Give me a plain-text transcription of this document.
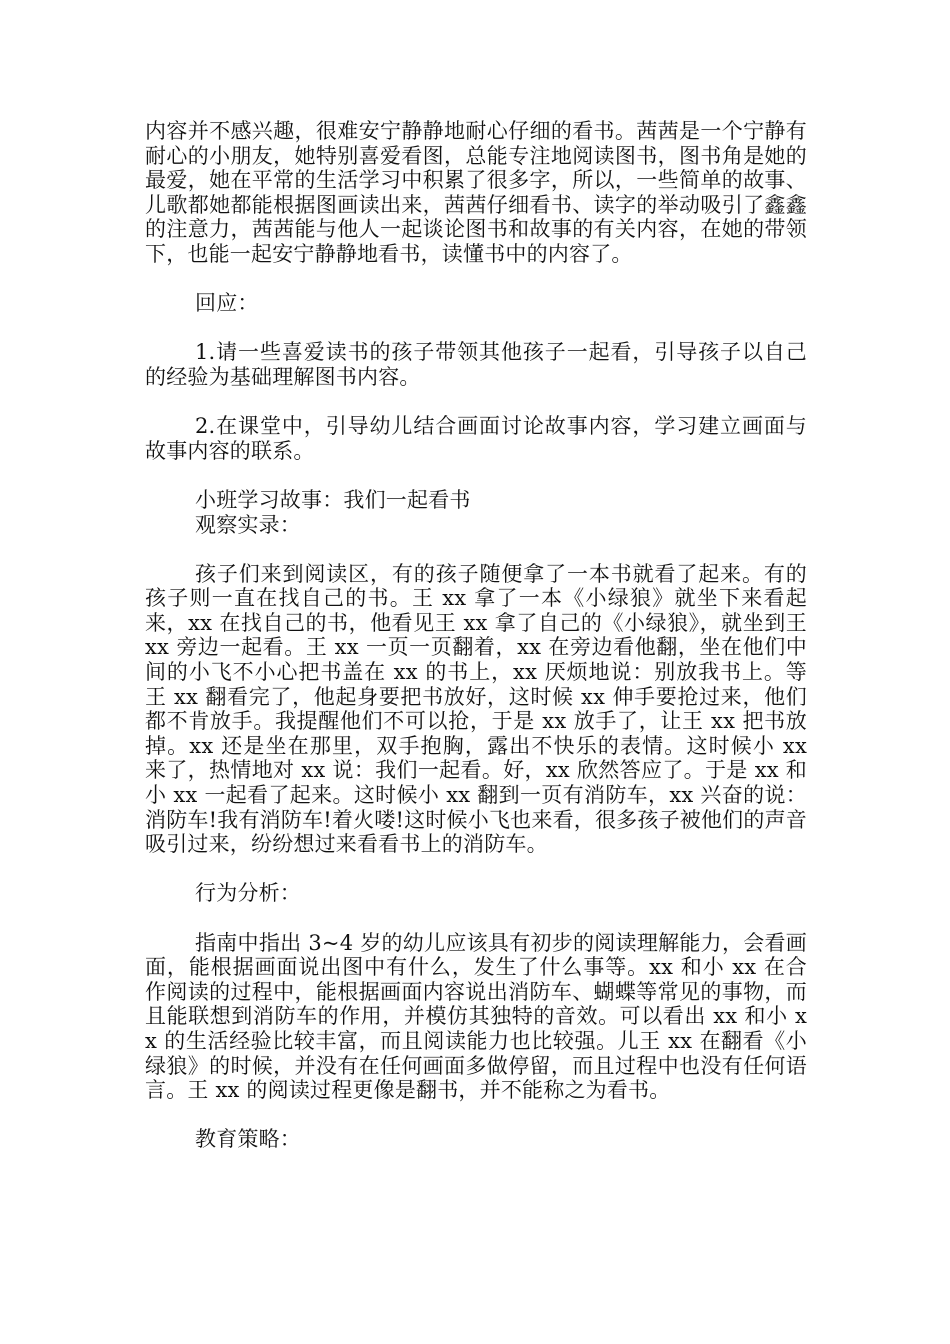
内容并不感兴趣，很难安宁静静地耐心仔细的看书。茜茜是一个宁静有耐心的小朋友，她特别喜爱看图，总能专注地阅读图书，图书角是她的最爱，她在平常的生活学习中积累了很多字，所以，一些简单的故事、儿歌都她都能根据图画读出来，茜茜仔细看书、读字的举动吸引了鑫鑫的注意力，茜茜能与他人一起谈论图书和故事的有关内容，在她的带领下，也能一起安宁静静地看书，读懂书中的内容了。

回应：

1.请一些喜爱读书的孩子带领其他孩子一起看，引导孩子以自己的经验为基础理解图书内容。

2.在课堂中，引导幼儿结合画面讨论故事内容，学习建立画面与故事内容的联系。

小班学习故事：我们一起看书

观察实录：

孩子们来到阅读区，有的孩子随便拿了一本书就看了起来。有的孩子则一直在找自己的书。王 xx 拿了一本《小绿狼》就坐下来看起来，xx 在找自己的书，他看见王 xx 拿了自己的《小绿狼》，就坐到王 xx 旁边一起看。王 xx 一页一页翻着，xx 在旁边看他翻，坐在他们中间的小飞不小心把书盖在 xx 的书上，xx 厌烦地说：别放我书上。等王 xx 翻看完了，他起身要把书放好，这时候 xx 伸手要抢过来，他们都不肯放手。我提醒他们不可以抢，于是 xx 放手了，让王 xx 把书放掉。xx 还是坐在那里，双手抱胸，露出不快乐的表情。这时候小 xx 来了，热情地对 xx 说：我们一起看。好，xx 欣然答应了。于是 xx 和小 xx 一起看了起来。这时候小 xx 翻到一页有消防车，xx 兴奋的说：消防车!我有消防车!着火喽!这时候小飞也来看，很多孩子被他们的声音吸引过来，纷纷想过来看看书上的消防车。

行为分析：

指南中指出 3~4 岁的幼儿应该具有初步的阅读理解能力，会看画面，能根据画面说出图中有什么，发生了什么事等。xx 和小 xx 在合作阅读的过程中，能根据画面内容说出消防车、蝴蝶等常见的事物，而且能联想到消防车的作用，并模仿其独特的音效。可以看出 xx 和小 xx 的生活经验比较丰富，而且阅读能力也比较强。儿王 xx 在翻看《小绿狼》的时候，并没有在任何画面多做停留，而且过程中也没有任何语言。王 xx 的阅读过程更像是翻书，并不能称之为看书。

教育策略：
